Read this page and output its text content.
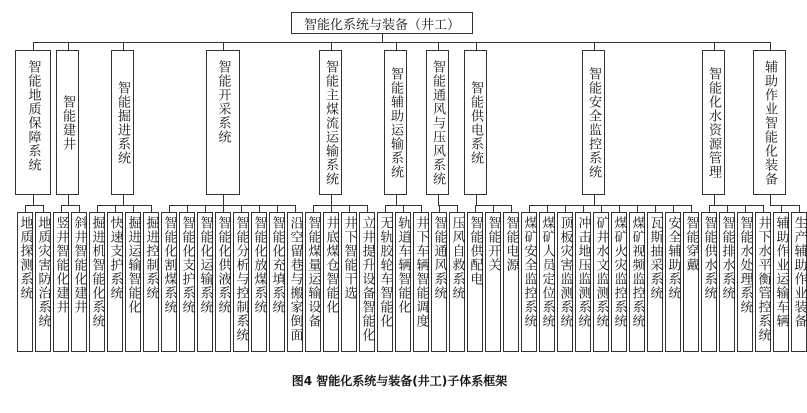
智能化系统与装备（井工）
智能地质保障系统
地质探测系统 地质灾害防治系统
智能建井
竖井智能化建井 斜井智能化建井
智能掘进系统
掘进机智能化系统 快速支护系统 掘进运输智能化 掘进控制系统
智能开采系统
智能化割煤系统 智能化支护系统 智能化运输系统 智能化供液系统 智能分析与控制系统 智能化放煤系统 智能化充填系统 沿空留巷与搬家倒面
智能主煤流运输系统
智能煤量运输设备 井底煤仓智能化 井下智能干选 立井提升设备智能化
智能辅助运输系统
无轨胶轮车智能化 轨道车辆智能化 井下车辆智能调度
智能通风与压风系统
智能通风系统 压风自救系统
智能供电系统
智能供配电 智能开关 智能电源
智能安全监控系统
煤矿安全监控系统 煤矿人员定位系统 顶板灾害监测系统 冲击地压监测系统 矿井水文监测系统 煤矿火灾监控系统 煤矿视频监控系统 瓦斯抽采系统 安全辅助系统 智能穿戴
智能化水资源管理
智能供水系统 智能排水系统 智能水处理系统 井下水平衡管控系统
辅助作业智能化装备
辅助作业运输车辆 生产辅助作业装备
图4 智能化系统与装备(井工)子体系框架
